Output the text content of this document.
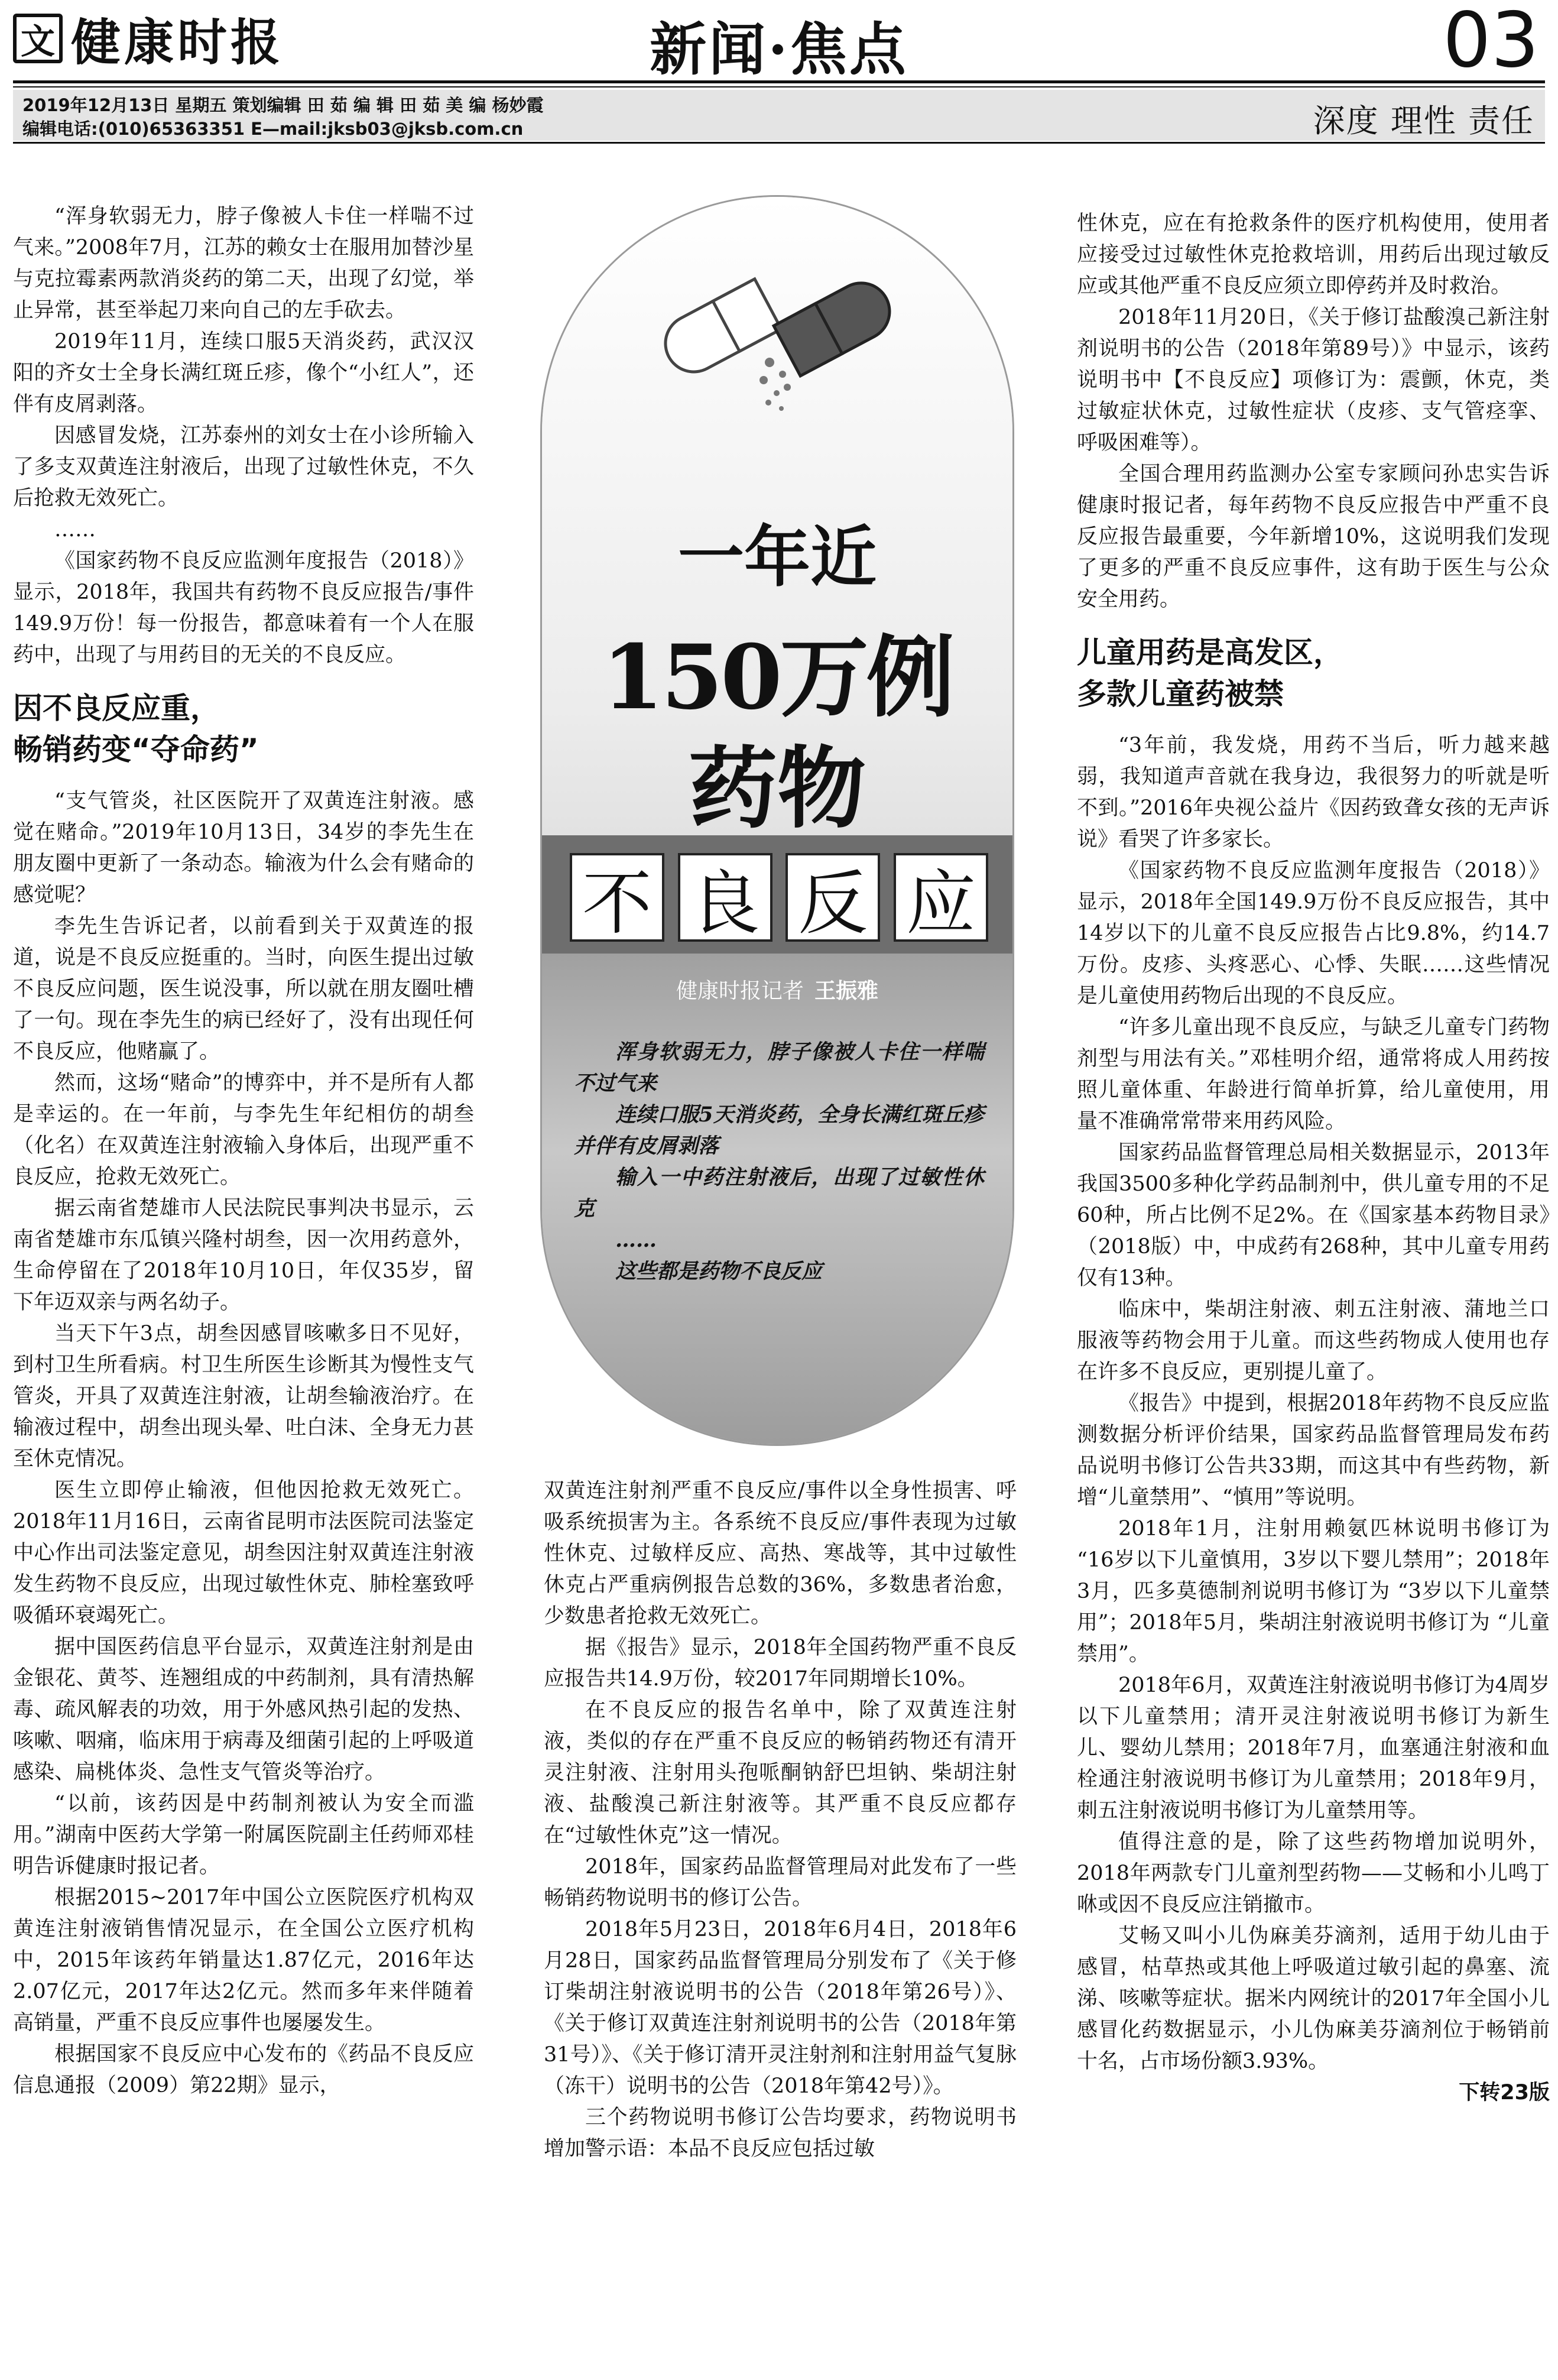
文 健康时报	新闻·焦点	03
2019年12月13日 星期五 策划编辑 田 茹 编 辑 田 茹 美 编 杨妙霞
编辑电话:(010)65363351 E—mail:jksb03@jksb.com.cn	深度 理性 责任
一年近
150万例
药物
不 良 反 应
健康时报记者 王振雅

浑身软弱无力，脖子像被人卡住一样喘不过气来

连续口服5天消炎药，全身长满红斑丘疹并伴有皮屑剥落

输入一中药注射液后，出现了过敏性休克

……

这些都是药物不良反应

“浑身软弱无力，脖子像被人卡住一样喘不过气来。”2008年7月，江苏的赖女士在服用加替沙星与克拉霉素两款消炎药的第二天，出现了幻觉，举止异常，甚至举起刀来向自己的左手砍去。

2019年11月，连续口服5天消炎药，武汉汉阳的齐女士全身长满红斑丘疹，像个“小红人”，还伴有皮屑剥落。

因感冒发烧，江苏泰州的刘女士在小诊所输入了多支双黄连注射液后，出现了过敏性休克，不久后抢救无效死亡。

……

《国家药物不良反应监测年度报告（2018）》显示，2018年，我国共有药物不良反应报告/事件149.9万份！每一份报告，都意味着有一个人在服药中，出现了与用药目的无关的不良反应。

因不良反应重，
畅销药变“夺命药”

“支气管炎，社区医院开了双黄连注射液。感觉在赌命。”2019年10月13日，34岁的李先生在朋友圈中更新了一条动态。输液为什么会有赌命的感觉呢？

李先生告诉记者，以前看到关于双黄连的报道，说是不良反应挺重的。当时，向医生提出过敏不良反应问题，医生说没事，所以就在朋友圈吐槽了一句。现在李先生的病已经好了，没有出现任何不良反应，他赌赢了。

然而，这场“赌命”的博弈中，并不是所有人都是幸运的。在一年前，与李先生年纪相仿的胡叁（化名）在双黄连注射液输入身体后，出现严重不良反应，抢救无效死亡。

据云南省楚雄市人民法院民事判决书显示，云南省楚雄市东瓜镇兴隆村胡叁，因一次用药意外，生命停留在了2018年10月10日，年仅35岁，留下年迈双亲与两名幼子。

当天下午3点，胡叁因感冒咳嗽多日不见好，到村卫生所看病。村卫生所医生诊断其为慢性支气管炎，开具了双黄连注射液，让胡叁输液治疗。在输液过程中，胡叁出现头晕、吐白沫、全身无力甚至休克情况。

医生立即停止输液，但他因抢救无效死亡。2018年11月16日，云南省昆明市法医院司法鉴定中心作出司法鉴定意见，胡叁因注射双黄连注射液发生药物不良反应，出现过敏性休克、肺栓塞致呼吸循环衰竭死亡。

据中国医药信息平台显示，双黄连注射剂是由金银花、黄芩、连翘组成的中药制剂，具有清热解毒、疏风解表的功效，用于外感风热引起的发热、咳嗽、咽痛，临床用于病毒及细菌引起的上呼吸道感染、扁桃体炎、急性支气管炎等治疗。

“以前，该药因是中药制剂被认为安全而滥用。”湖南中医药大学第一附属医院副主任药师邓桂明告诉健康时报记者。

根据2015~2017年中国公立医院医疗机构双黄连注射液销售情况显示，在全国公立医疗机构中，2015年该药年销量达1.87亿元，2016年达2.07亿元，2017年达2亿元。然而多年来伴随着高销量，严重不良反应事件也屡屡发生。

根据国家不良反应中心发布的《药品不良反应信息通报（2009）第22期》显示，

双黄连注射剂严重不良反应/事件以全身性损害、呼吸系统损害为主。各系统不良反应/事件表现为过敏性休克、过敏样反应、高热、寒战等，其中过敏性休克占严重病例报告总数的36%，多数患者治愈，少数患者抢救无效死亡。

据《报告》显示，2018年全国药物严重不良反应报告共14.9万份，较2017年同期增长10%。

在不良反应的报告名单中，除了双黄连注射液，类似的存在严重不良反应的畅销药物还有清开灵注射液、注射用头孢哌酮钠舒巴坦钠、柴胡注射液、盐酸溴己新注射液等。其严重不良反应都存在“过敏性休克”这一情况。

2018年，国家药品监督管理局对此发布了一些畅销药物说明书的修订公告。

2018年5月23日，2018年6月4日，2018年6月28日，国家药品监督管理局分别发布了《关于修订柴胡注射液说明书的公告（2018年第26号）》、《关于修订双黄连注射剂说明书的公告（2018年第31号）》、《关于修订清开灵注射剂和注射用益气复脉（冻干）说明书的公告（2018年第42号）》。

三个药物说明书修订公告均要求，药物说明书增加警示语：本品不良反应包括过敏

性休克，应在有抢救条件的医疗机构使用，使用者应接受过过敏性休克抢救培训，用药后出现过敏反应或其他严重不良反应须立即停药并及时救治。

2018年11月20日，《关于修订盐酸溴己新注射剂说明书的公告（2018年第89号）》中显示，该药说明书中【不良反应】项修订为：震颤，休克，类过敏症状休克，过敏性症状（皮疹、支气管痉挛、呼吸困难等）。

全国合理用药监测办公室专家顾问孙忠实告诉健康时报记者，每年药物不良反应报告中严重不良反应报告最重要，今年新增10%，这说明我们发现了更多的严重不良反应事件，这有助于医生与公众安全用药。

儿童用药是高发区，
多款儿童药被禁

“3年前，我发烧，用药不当后，听力越来越弱，我知道声音就在我身边，我很努力的听就是听不到。”2016年央视公益片《因药致聋女孩的无声诉说》看哭了许多家长。

《国家药物不良反应监测年度报告（2018）》显示，2018年全国149.9万份不良反应报告，其中14岁以下的儿童不良反应报告占比9.8%，约14.7万份。皮疹、头疼恶心、心悸、失眠……这些情况是儿童使用药物后出现的不良反应。

“许多儿童出现不良反应，与缺乏儿童专门药物剂型与用法有关。”邓桂明介绍，通常将成人用药按照儿童体重、年龄进行简单折算，给儿童使用，用量不准确常常带来用药风险。

国家药品监督管理总局相关数据显示，2013年我国3500多种化学药品制剂中，供儿童专用的不足60种，所占比例不足2%。在《国家基本药物目录》（2018版）中，中成药有268种，其中儿童专用药仅有13种。

临床中，柴胡注射液、刺五注射液、蒲地兰口服液等药物会用于儿童。而这些药物成人使用也存在许多不良反应，更别提儿童了。

《报告》中提到，根据2018年药物不良反应监测数据分析评价结果，国家药品监督管理局发布药品说明书修订公告共33期，而这其中有些药物，新增“儿童禁用”、“慎用”等说明。

2018年1月，注射用赖氨匹林说明书修订为 “16岁以下儿童慎用，3岁以下婴儿禁用”；2018年3月，匹多莫德制剂说明书修订为 “3岁以下儿童禁用”；2018年5月，柴胡注射液说明书修订为 “儿童禁用”。

2018年6月，双黄连注射液说明书修订为4周岁以下儿童禁用；清开灵注射液说明书修订为新生儿、婴幼儿禁用；2018年7月，血塞通注射液和血栓通注射液说明书修订为儿童禁用；2018年9月，刺五注射液说明书修订为儿童禁用等。

值得注意的是，除了这些药物增加说明外，2018年两款专门儿童剂型药物——艾畅和小儿鸣丁咻或因不良反应注销撤市。

艾畅又叫小儿伪麻美芬滴剂，适用于幼儿由于感冒，枯草热或其他上呼吸道过敏引起的鼻塞、流涕、咳嗽等症状。据米内网统计的2017年全国小儿感冒化药数据显示，小儿伪麻美芬滴剂位于畅销前十名，占市场份额3.93%。

下转23版
